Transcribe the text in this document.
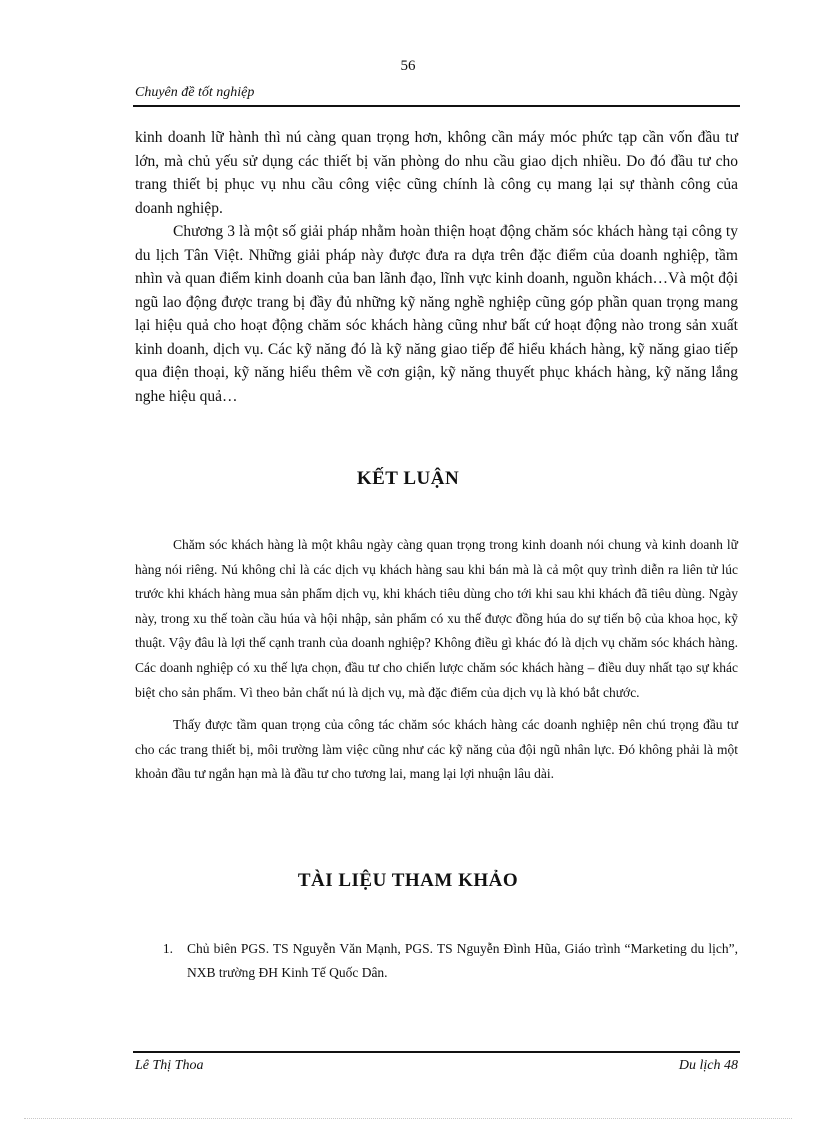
56
Chuyên đề tốt nghiệp

kinh doanh lữ hành thì nú càng quan trọng hơn, không cần máy móc phức tạp cần vốn đầu tư lớn, mà chủ yếu sử dụng các thiết bị văn phòng do nhu cầu giao dịch nhiều. Do đó đầu tư cho trang thiết bị phục vụ nhu cầu công việc cũng chính là công cụ mang lại sự thành công của doanh nghiệp.

Chương 3 là một số giải pháp nhằm hoàn thiện hoạt động chăm sóc khách hàng tại công ty du lịch Tân Việt. Những giải pháp này được đưa ra dựa trên đặc điểm của doanh nghiệp, tầm nhìn và quan điểm kinh doanh của ban lãnh đạo, lĩnh vực kinh doanh, nguồn khách…Và một đội ngũ lao động được trang bị đầy đủ những kỹ năng nghề nghiệp cũng góp phần quan trọng mang lại hiệu quả cho hoạt động chăm sóc khách hàng cũng như bất cứ hoạt động nào trong sản xuất kinh doanh, dịch vụ. Các kỹ năng đó là kỹ năng giao tiếp để hiểu khách hàng, kỹ năng giao tiếp qua điện thoại, kỹ năng hiểu thêm về cơn giận, kỹ năng thuyết phục khách hàng, kỹ năng lắng nghe hiệu quả…

KẾT LUẬN

Chăm sóc khách hàng là một khâu ngày càng quan trọng trong kinh doanh nói chung và kinh doanh lữ hàng nói riêng. Nú không chỉ là các dịch vụ khách hàng sau khi bán mà là cả một quy trình diễn ra liên tử lúc trước khi khách hàng mua sản phẩm dịch vụ, khi khách tiêu dùng cho tới khi sau khi khách đã tiêu dùng. Ngày này, trong xu thế toàn cầu húa và hội nhập, sản phẩm có xu thế được đồng húa do sự tiến bộ của khoa học, kỹ thuật. Vậy đâu là lợi thế cạnh tranh của doanh nghiệp? Không điều gì khác đó là dịch vụ chăm sóc khách hàng. Các doanh nghiệp có xu thế lựa chọn, đầu tư cho chiến lược chăm sóc khách hàng – điều duy nhất tạo sự khác biệt cho sản phẩm. Vì theo bản chất nú là dịch vụ, mà đặc điểm của dịch vụ là khó bắt chước.

Thấy được tầm quan trọng của công tác chăm sóc khách hàng các doanh nghiệp nên chú trọng đầu tư cho các trang thiết bị, môi trường làm việc cũng như các kỹ năng của đội ngũ nhân lực. Đó không phải là một khoản đầu tư ngắn hạn mà là đầu tư cho tương lai, mang lại lợi nhuận lâu dài.

TÀI LIỆU THAM KHẢO
1.	Chủ biên PGS. TS Nguyễn Văn Mạnh, PGS. TS Nguyễn Đình Hũa, Giáo trình “Marketing du lịch”, NXB trường ĐH Kinh Tế Quốc Dân.
Lê Thị Thoa	Du lịch 48
